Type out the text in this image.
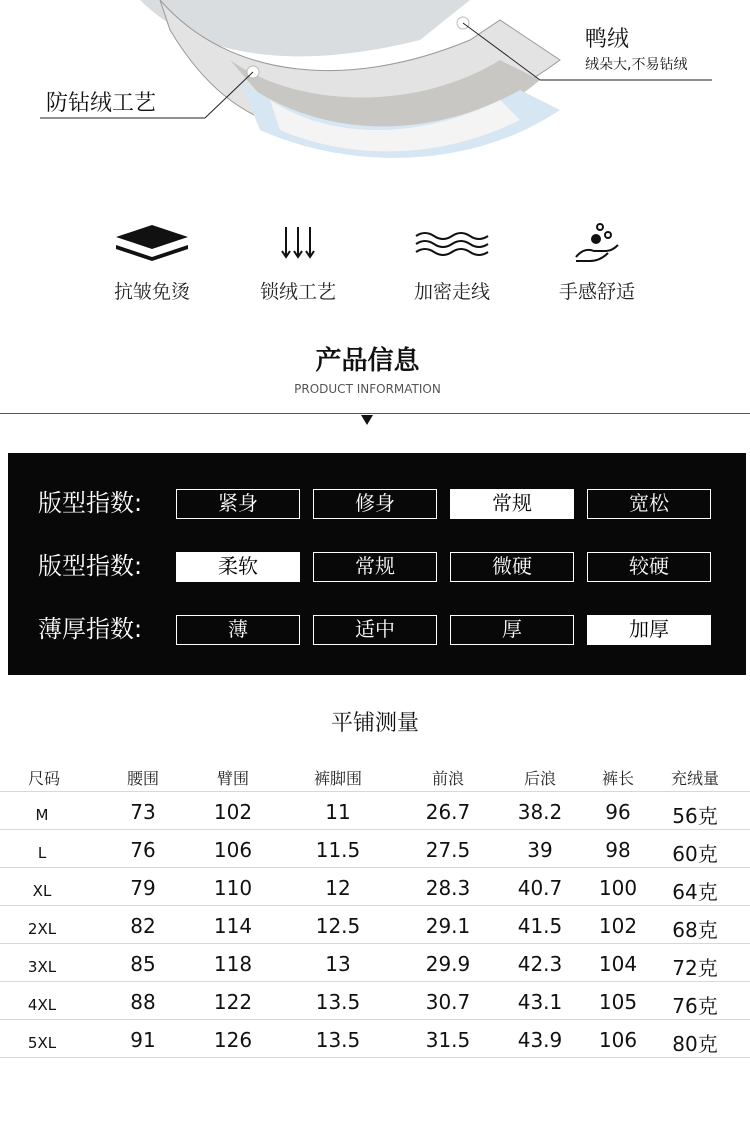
鸭绒
绒朵大,不易钻绒
防钻绒工艺
抗皱免烫	锁绒工艺	加密走线	手感舒适
产品信息
PRODUCT INFORMATION
版型指数:	紧身	修身	常规	宽松
版型指数:	柔软	常规	微硬	较硬
薄厚指数:	薄	适中	厚	加厚
平铺测量
尺码	腰围	臂围	裤脚围	前浪	后浪	裤长	充绒量
M	73	102	11	26.7	38.2	96	56克
L	76	106	11.5	27.5	39	98	60克
XL	79	110	12	28.3	40.7	100	64克
2XL	82	114	12.5	29.1	41.5	102	68克
3XL	85	118	13	29.9	42.3	104	72克
4XL	88	122	13.5	30.7	43.1	105	76克
5XL	91	126	13.5	31.5	43.9	106	80克
